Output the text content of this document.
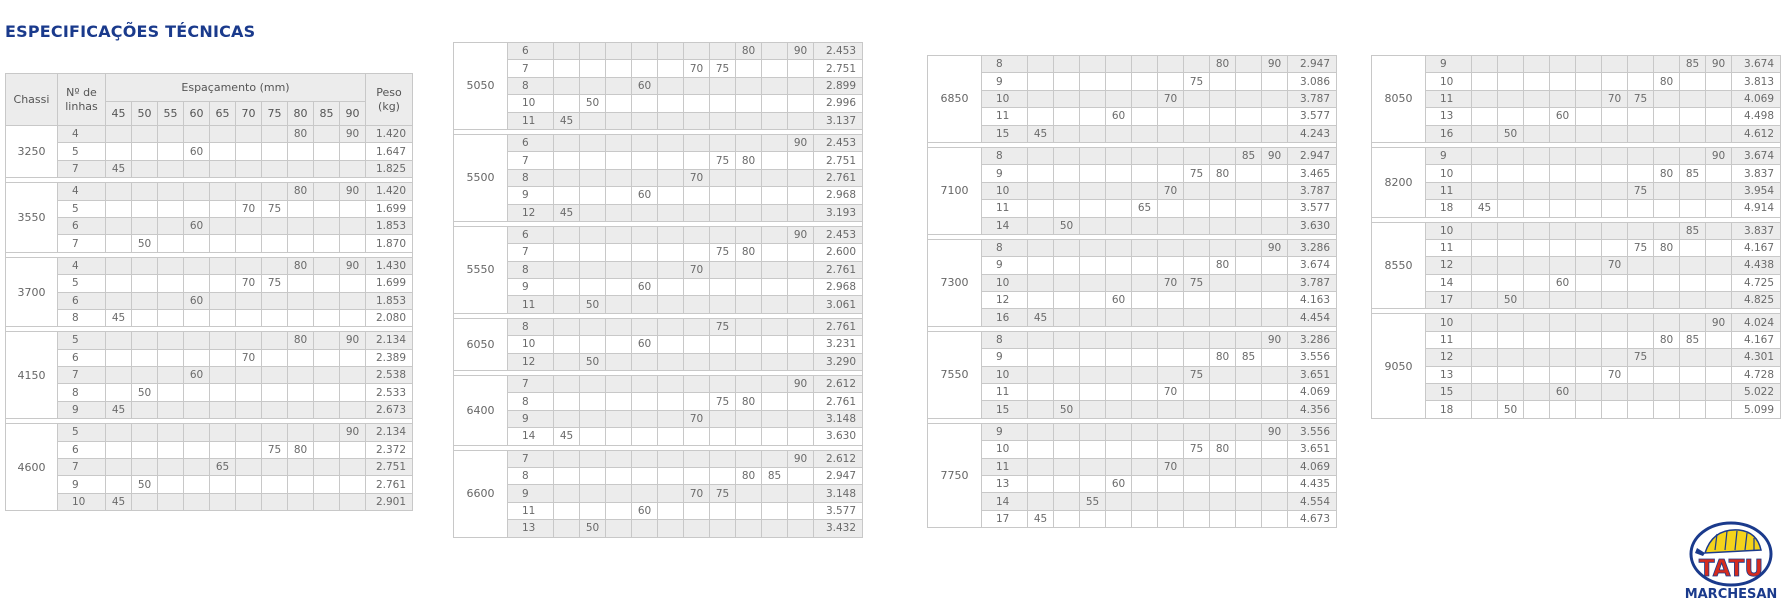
ESPECIFICAÇÕES TÉCNICAS
Chassi	Nº de linhas	Espaçamento (mm)										Peso (kg)
		45	50	55	60	65	70	75	80	85	90	
3250	4								80		90	1.420
	5				60							1.647
	7	45										1.825

3550	4								80		90	1.420
	5						70	75				1.699
	6				60							1.853
	7		50									1.870

3700	4								80		90	1.430
	5						70	75				1.699
	6				60							1.853
	8	45										2.080

4150	5								80		90	2.134
	6						70					2.389
	7				60							2.538
	8		50									2.533
	9	45										2.673

4600	5										90	2.134
	6							75	80			2.372
	7					65						2.751
	9		50									2.761
	10	45										2.901
5050	6								80		90	2.453
	7						70	75				2.751
	8				60							2.899
	10		50									2.996
	11	45										3.137

5500	6										90	2.453
	7							75	80			2.751
	8						70					2.761
	9				60							2.968
	12	45										3.193

5550	6										90	2.453
	7							75	80			2.600
	8						70					2.761
	9				60							2.968
	11		50									3.061

6050	8							75				2.761
	10				60							3.231
	12		50									3.290

6400	7										90	2.612
	8							75	80			2.761
	9						70					3.148
	14	45										3.630

6600	7										90	2.612
	8								80	85		2.947
	9						70	75				3.148
	11				60							3.577
	13		50									3.432
6850	8								80		90	2.947
	9							75				3.086
	10						70					3.787
	11				60							3.577
	15	45										4.243

7100	8									85	90	2.947
	9							75	80			3.465
	10						70					3.787
	11					65						3.577
	14		50									3.630

7300	8										90	3.286
	9								80			3.674
	10						70	75				3.787
	12				60							4.163
	16	45										4.454

7550	8										90	3.286
	9								80	85		3.556
	10							75				3.651
	11						70					4.069
	15		50									4.356

7750	9										90	3.556
	10							75	80			3.651
	11						70					4.069
	13				60							4.435
	14			55								4.554
	17	45										4.673
8050	9									85	90	3.674
	10								80			3.813
	11						70	75				4.069
	13				60							4.498
	16		50									4.612

8200	9										90	3.674
	10								80	85		3.837
	11							75				3.954
	18	45										4.914

8550	10									85		3.837
	11							75	80			4.167
	12						70					4.438
	14				60							4.725
	17		50									4.825

9050	10										90	4.024
	11								80	85		4.167
	12							75				4.301
	13						70					4.728
	15				60							5.022
	18		50									5.099
TATU
MARCHESAN
